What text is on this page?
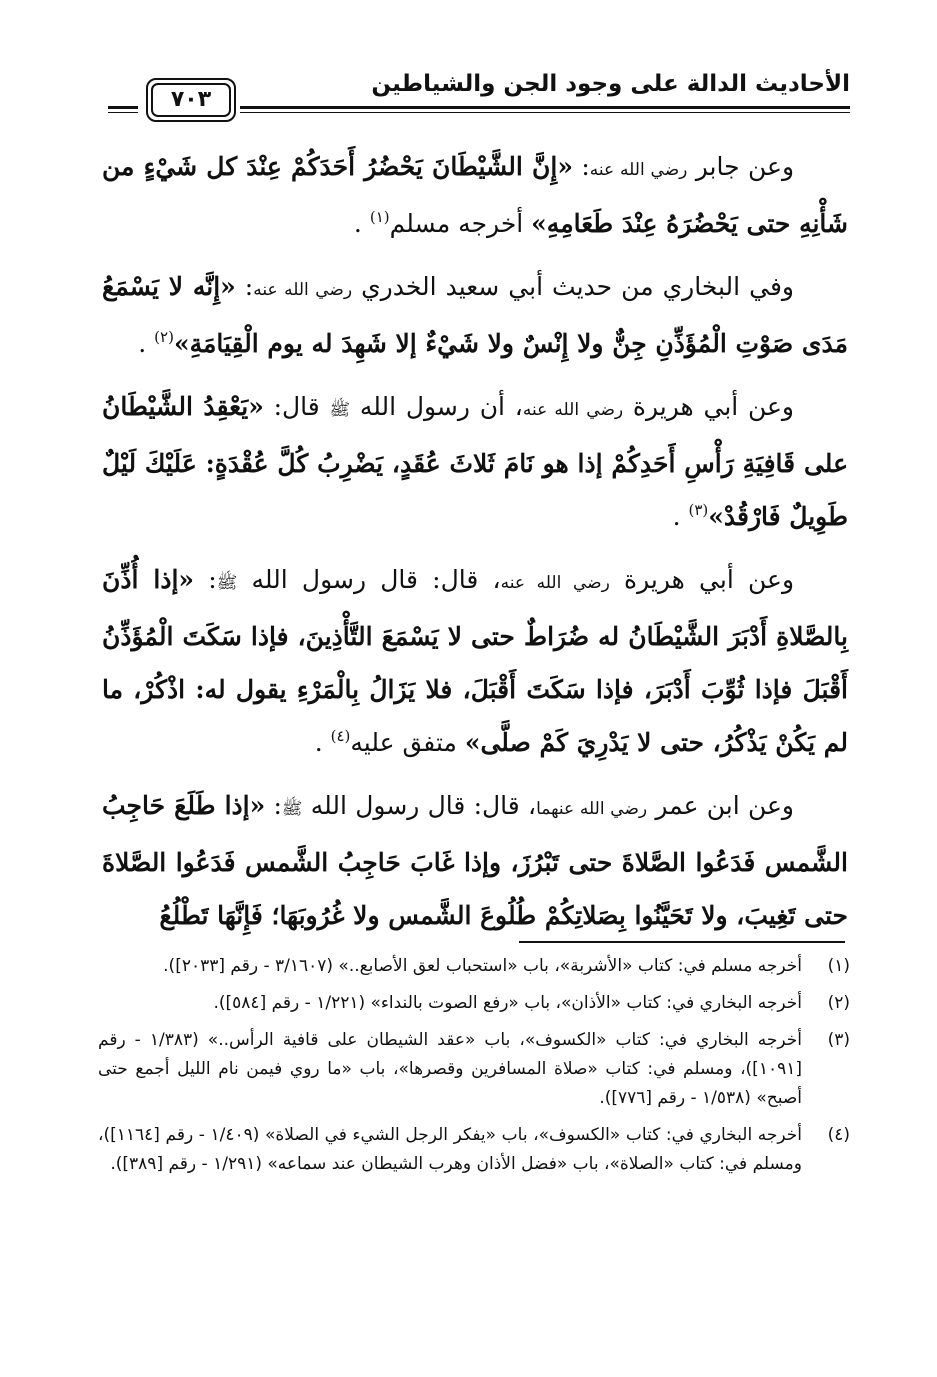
الأحاديث الدالة على وجود الجن والشياطين
٧٠٣

وعن جابر رضي الله عنه: «إِنَّ الشَّيْطَانَ يَحْضُرُ أَحَدَكُمْ عِنْدَ كل شَيْءٍ من شَأْنِهِ حتى يَحْضُرَهُ عِنْدَ طَعَامِهِ» أخرجه مسلم$^{(١)}$ .

وفي البخاري من حديث أبي سعيد الخدري رضي الله عنه: «إِنَّه لا يَسْمَعُ مَدَى صَوْتِ الْمُؤَذِّنِ جِنٌّ ولا إِنْسٌ ولا شَيْءٌ إلا شَهِدَ له يوم الْقِيَامَةِ»$^{(٢)}$ .

وعن أبي هريرة رضي الله عنه، أن رسول الله ﷺ قال: «يَعْقِدُ الشَّيْطَانُ على قَافِيَةِ رَأْسِ أَحَدِكُمْ إذا هو نَامَ ثَلاثَ عُقَدٍ، يَضْرِبُ كُلَّ عُقْدَةٍ: عَلَيْكَ لَيْلٌ طَوِيلٌ فَارْقُدْ»$^{(٣)}$ .

وعن أبي هريرة رضي الله عنه، قال: قال رسول الله ﷺ: «إذا أُذِّنَ بِالصَّلاةِ أَدْبَرَ الشَّيْطَانُ له ضُرَاطٌ حتى لا يَسْمَعَ التَّأْذِينَ، فإذا سَكَتَ الْمُؤَذِّنُ أَقْبَلَ فإذا ثُوِّبَ أَدْبَرَ، فإذا سَكَتَ أَقْبَلَ، فلا يَزَالُ بِالْمَرْءِ يقول له: اذْكُرْ، ما لم يَكُنْ يَذْكُرُ، حتى لا يَدْرِيَ كَمْ صلَّى» متفق عليه$^{(٤)}$ .

وعن ابن عمر رضي الله عنهما، قال: قال رسول الله ﷺ: «إذا طَلَعَ حَاجِبُ الشَّمس فَدَعُوا الصَّلاةَ حتى تَبْرُزَ، وإذا غَابَ حَاجِبُ الشَّمس فَدَعُوا الصَّلاةَ حتى تَغِيبَ، ولا تَحَيَّنُوا بِصَلاتِكُمْ طُلُوعَ الشَّمس ولا غُرُوبَهَا؛ فَإِنَّهَا تَطْلُعُ

(١)
أخرجه مسلم في: كتاب «الأشربة»، باب «استحباب لعق الأصابع..» (٣/١٦٠٧ - رقم [٢٠٣٣]).
(٢)
أخرجه البخاري في: كتاب «الأذان»، باب «رفع الصوت بالنداء» (١/٢٢١ - رقم [٥٨٤]).
(٣)
أخرجه البخاري في: كتاب «الكسوف»، باب «عقد الشيطان على قافية الرأس..» (١/٣٨٣ - رقم [١٠٩١])، ومسلم في: كتاب «صلاة المسافرين وقصرها»، باب «ما روي فيمن نام الليل أجمع حتى أصبح» (١/٥٣٨ - رقم [٧٧٦]).
(٤)
أخرجه البخاري في: كتاب «الكسوف»، باب «يفكر الرجل الشيء في الصلاة» (١/٤٠٩ - رقم [١١٦٤])، ومسلم في: كتاب «الصلاة»، باب «فضل الأذان وهرب الشيطان عند سماعه» (١/٢٩١ - رقم [٣٨٩]).
